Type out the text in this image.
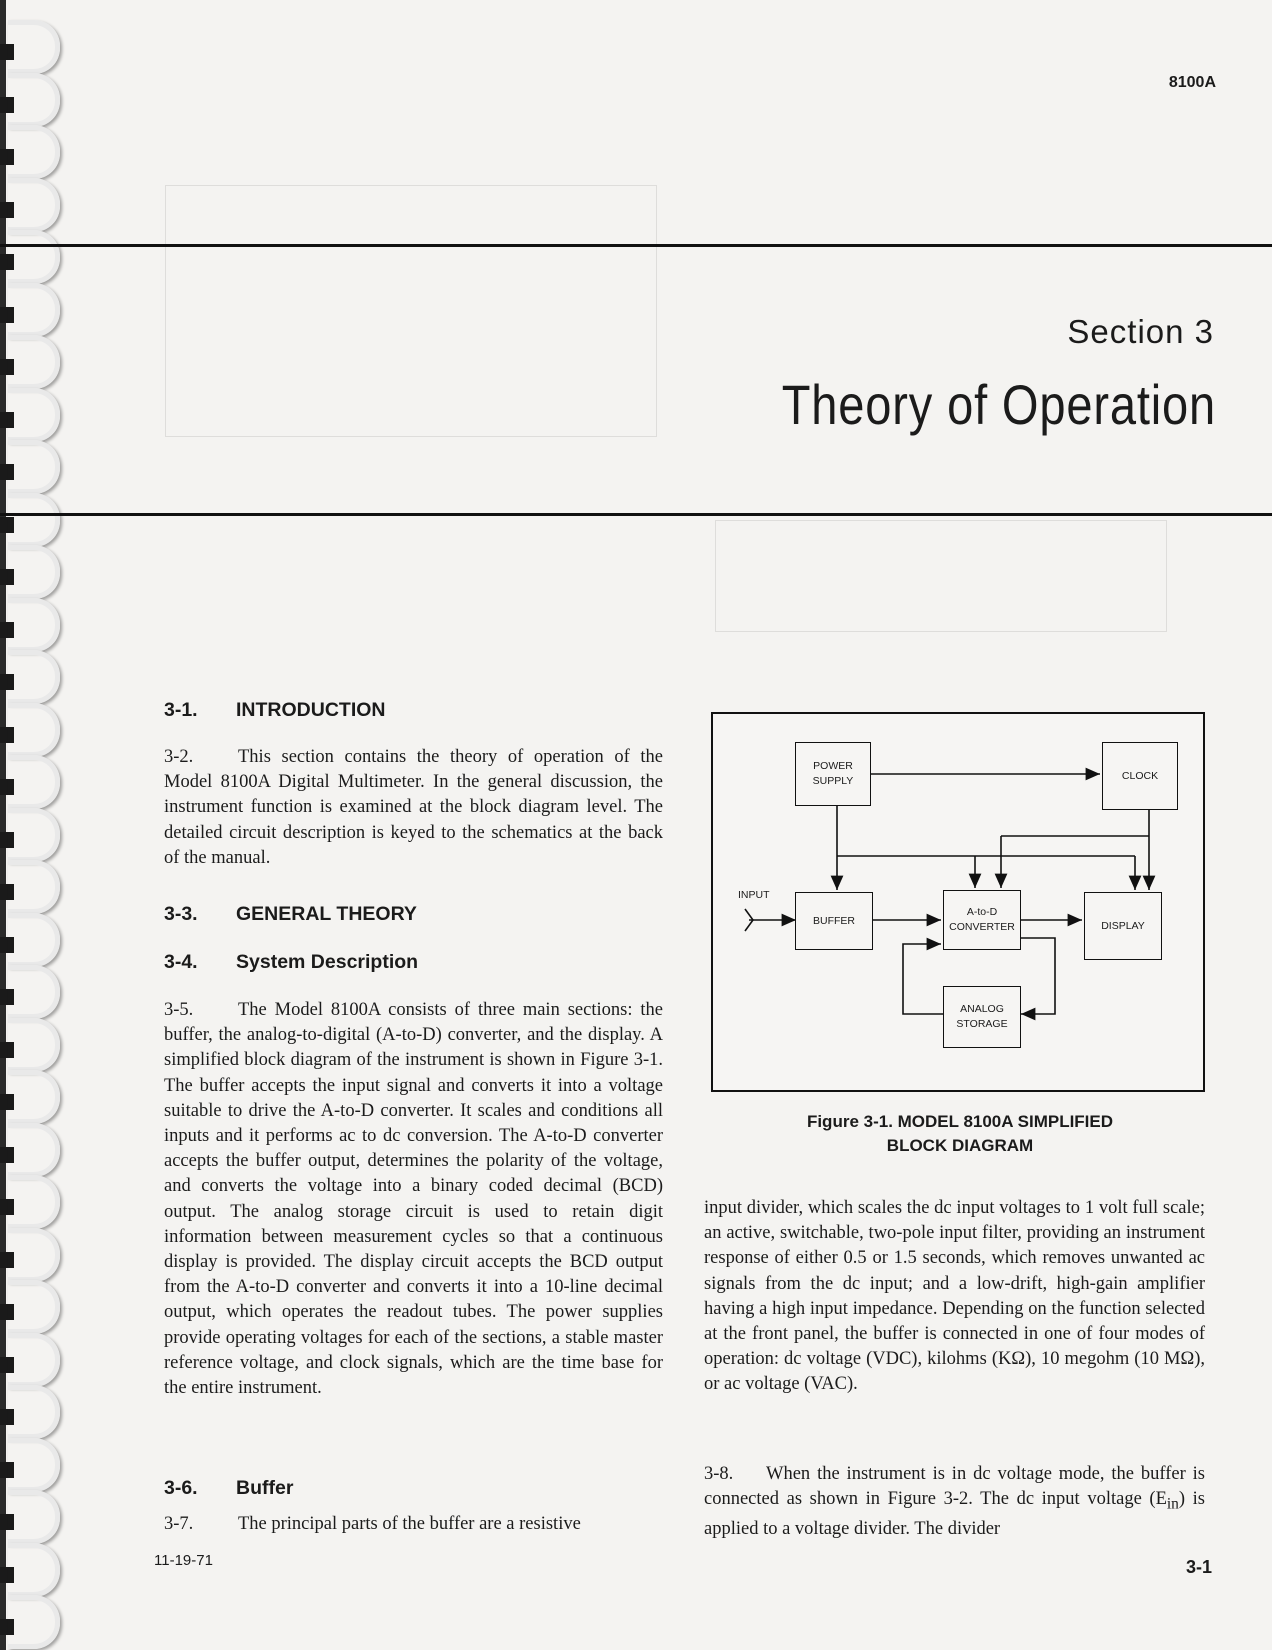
8100A
Section 3
Theory of Operation
3-1. INTRODUCTION

3-2. This section contains the theory of operation of the Model 8100A Digital Multimeter. In the general discussion, the instrument function is examined at the block diagram level. The detailed circuit description is keyed to the schematics at the back of the manual.

3-3. GENERAL THEORY
3-4. System Description

3-5. The Model 8100A consists of three main sections: the buffer, the analog-to-digital (A-to-D) converter, and the display. A simplified block diagram of the instrument is shown in Figure 3-1. The buffer accepts the input signal and converts it into a voltage suitable to drive the A-to-D converter. It scales and conditions all inputs and it performs ac to dc conversion. The A-to-D converter accepts the buffer output, determines the polarity of the voltage, and converts the voltage into a binary coded decimal (BCD) output. The analog storage circuit is used to retain digit information between measurement cycles so that a continuous display is provided. The display circuit accepts the BCD output from the A-to-D converter and converts it into a 10-line decimal output, which operates the readout tubes. The power supplies provide operating voltages for each of the sections, a stable master reference voltage, and clock signals, which are the time base for the entire instrument.

3-6. Buffer

3-7. The principal parts of the buffer are a resistive

POWER
SUPPLY	CLOCK
BUFFER
A-to-D
CONVERTER	DISPLAY
ANALOG
STORAGE
INPUT
Figure 3-1. MODEL 8100A SIMPLIFIED
BLOCK DIAGRAM

input divider, which scales the dc input voltages to 1 volt full scale; an active, switchable, two-pole input filter, providing an instrument response of either 0.5 or 1.5 seconds, which removes unwanted ac signals from the dc input; and a low-drift, high-gain amplifier having a high input impedance. Depending on the function selected at the front panel, the buffer is connected in one of four modes of operation: dc voltage (VDC), kilohms (KΩ), 10 megohm (10 MΩ), or ac voltage (VAC).

3-8. When the instrument is in dc voltage mode, the buffer is connected as shown in Figure 3-2. The dc input voltage $(E_{in})$ is applied to a voltage divider. The divider

11-19-71	3-1
